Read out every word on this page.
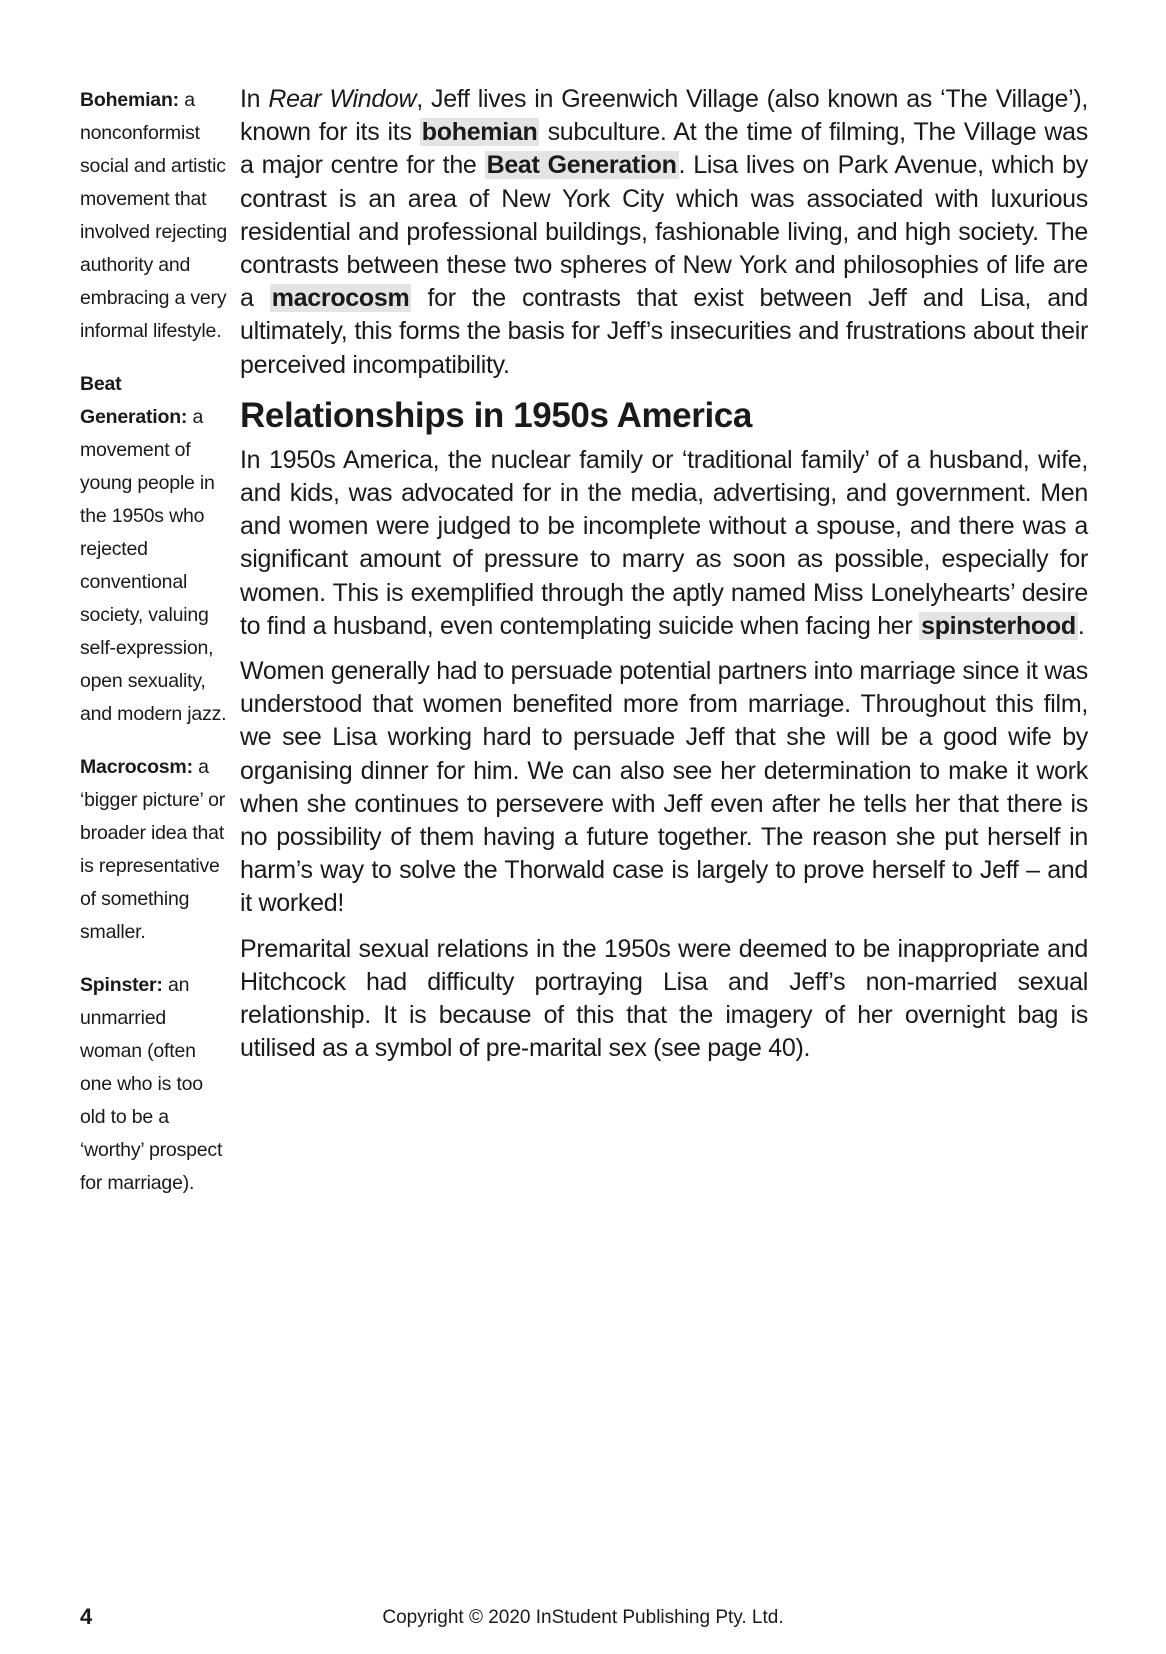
Bohemian: a nonconformist social and artistic movement that involved rejecting authority and embracing a very informal lifestyle.
Beat Generation: a movement of young people in the 1950s who rejected conventional society, valuing self-expression, open sexuality, and modern jazz.
Macrocosm: a ‘bigger picture’ or broader idea that is representative of something smaller.
Spinster: an unmarried woman (often one who is too old to be a ‘worthy’ prospect for marriage).

In Rear Window, Jeff lives in Greenwich Village (also known as ‘The Village’), known for its its bohemian subculture. At the time of filming, The Village was a major centre for the Beat Generation. Lisa lives on Park Avenue, which by contrast is an area of New York City which was associated with luxurious residential and professional buildings, fashionable living, and high society. The contrasts between these two spheres of New York and philosophies of life are a macrocosm for the contrasts that exist between Jeff and Lisa, and ultimately, this forms the basis for Jeff’s insecurities and frustrations about their perceived incompatibility.

Relationships in 1950s America

In 1950s America, the nuclear family or ‘traditional family’ of a husband, wife, and kids, was advocated for in the media, advertising, and government. Men and women were judged to be incomplete without a spouse, and there was a significant amount of pressure to marry as soon as possible, especially for women. This is exemplified through the aptly named Miss Lonelyhearts’ desire to find a husband, even contemplating suicide when facing her spinsterhood.

Women generally had to persuade potential partners into marriage since it was understood that women benefited more from marriage. Throughout this film, we see Lisa working hard to persuade Jeff that she will be a good wife by organising dinner for him. We can also see her determination to make it work when she continues to persevere with Jeff even after he tells her that there is no possibility of them having a future together. The reason she put herself in harm’s way to solve the Thorwald case is largely to prove herself to Jeff – and it worked!

Premarital sexual relations in the 1950s were deemed to be inappropriate and Hitchcock had difficulty portraying Lisa and Jeff’s non-married sexual relationship. It is because of this that the imagery of her overnight bag is utilised as a symbol of pre-marital sex (see page 40).

4	Copyright © 2020 InStudent Publishing Pty. Ltd.
